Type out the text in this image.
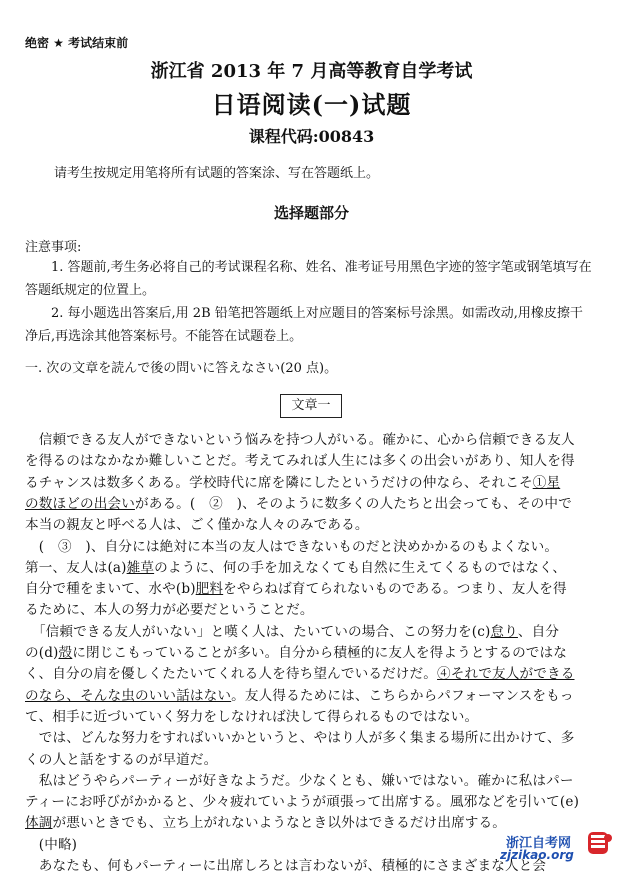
绝密 ★ 考试结束前
浙江省 2013 年 7 月高等教育自学考试
日语阅读(一)试题
课程代码:00843
请考生按规定用笔将所有试题的答案涂、写在答题纸上。
选择题部分
注意事项:
1. 答题前,考生务必将自己的考试课程名称、姓名、准考证号用黑色字迹的签字笔或钢笔填写在答题纸规定的位置上。
2. 每小题选出答案后,用 2B 铅笔把答题纸上对应题目的答案标号涂黑。如需改动,用橡皮擦干净后,再选涂其他答案标号。不能答在试题卷上。
一. 次の文章を読んで後の問いに答えなさい(20 点)。
文章一
　信頼できる友人ができないという悩みを持つ人がいる。確かに、心から信頼できる友人
を得るのはなかなか難しいことだ。考えてみれば人生には多くの出会いがあり、知人を得
るチャンスは数多くある。学校時代に席を隣にしたというだけの仲なら、それこそ①星
の数ほどの出会いがある。(　②　)、そのように数多くの人たちと出会っても、その中で
本当の親友と呼べる人は、ごく僅かな人々のみである。
　(　③　)、自分には絶対に本当の友人はできないものだと決めかかるのもよくない。
第一、友人は(a)雑草のように、何の手を加えなくても自然に生えてくるものではなく、
自分で種をまいて、水や(b)肥料をやらねば育てられないものである。つまり、友人を得
るために、本人の努力が必要だということだ。
　「信頼できる友人がいない」と嘆く人は、たいていの場合、この努力を(c)怠り、自分
の(d)殻に閉じこもっていることが多い。自分から積極的に友人を得ようとするのではな
く、自分の肩を優しくたたいてくれる人を待ち望んでいるだけだ。④それで友人ができる
のなら、そんな虫のいい話はない。友人得るためには、こちらからパフォーマンスをもっ
て、相手に近づいていく努力をしなければ決して得られるものではない。
　では、どんな努力をすればいいかというと、やはり人が多く集まる場所に出かけて、多
くの人と話をするのが早道だ。
　私はどうやらパーティーが好きなようだ。少なくとも、嫌いではない。確かに私はパー
ティーにお呼びがかかると、少々疲れていようが頑張って出席する。風邪などを引いて(e)
体調が悪いときでも、立ち上がれないようなとき以外はできるだけ出席する。
　(中略)
　あなたも、何もパーティーに出席しろとは言わないが、積極的にさまざまな人と会
浙江自考网
zjzikao.org
